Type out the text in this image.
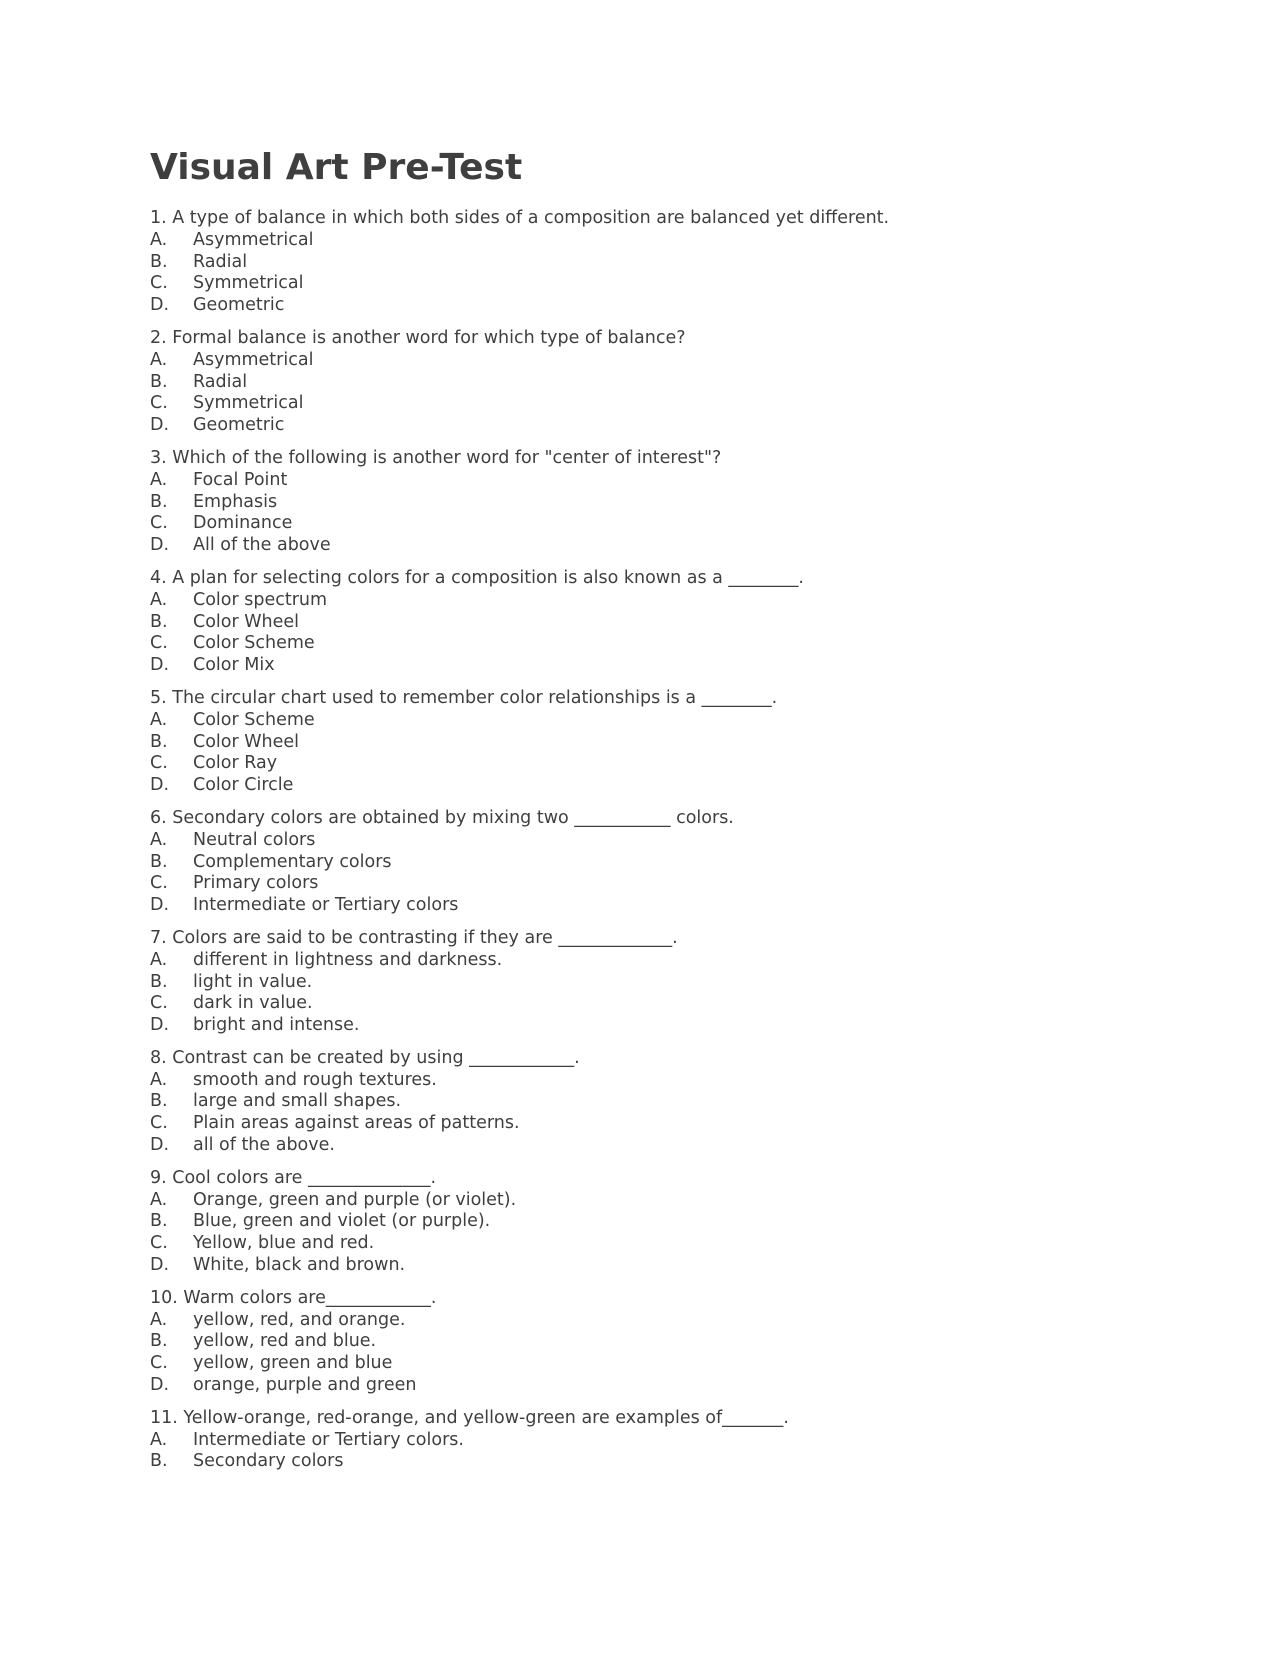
Visual Art Pre-Test

1. A type of balance in which both sides of a composition are balanced yet different.

A.	Asymmetrical
B.	Radial
C.	Symmetrical
D.	Geometric

2. Formal balance is another word for which type of balance?

A.	Asymmetrical
B.	Radial
C.	Symmetrical
D.	Geometric

3. Which of the following is another word for "center of interest"?

A.	Focal Point
B.	Emphasis
C.	Dominance
D.	All of the above

4. A plan for selecting colors for a composition is also known as a ________.

A.	Color spectrum
B.	Color Wheel
C.	Color Scheme
D.	Color Mix

5. The circular chart used to remember color relationships is a ________.

A.	Color Scheme
B.	Color Wheel
C.	Color Ray
D.	Color Circle

6. Secondary colors are obtained by mixing two ___________ colors.

A.	Neutral colors
B.	Complementary colors
C.	Primary colors
D.	Intermediate or Tertiary colors

7. Colors are said to be contrasting if they are _____________.

A.	different in lightness and darkness.
B.	light in value.
C.	dark in value.
D.	bright and intense.

8. Contrast can be created by using ____________.

A.	smooth and rough textures.
B.	large and small shapes.
C.	Plain areas against areas of patterns.
D.	all of the above.

9. Cool colors are ______________.

A.	Orange, green and purple (or violet).
B.	Blue, green and violet (or purple).
C.	Yellow, blue and red.
D.	White, black and brown.

10. Warm colors are____________.

A.	yellow, red, and orange.
B.	yellow, red and blue.
C.	yellow, green and blue
D.	orange, purple and green

11. Yellow-orange, red-orange, and yellow-green are examples of_______.

A.	Intermediate or Tertiary colors.
B.	Secondary colors
